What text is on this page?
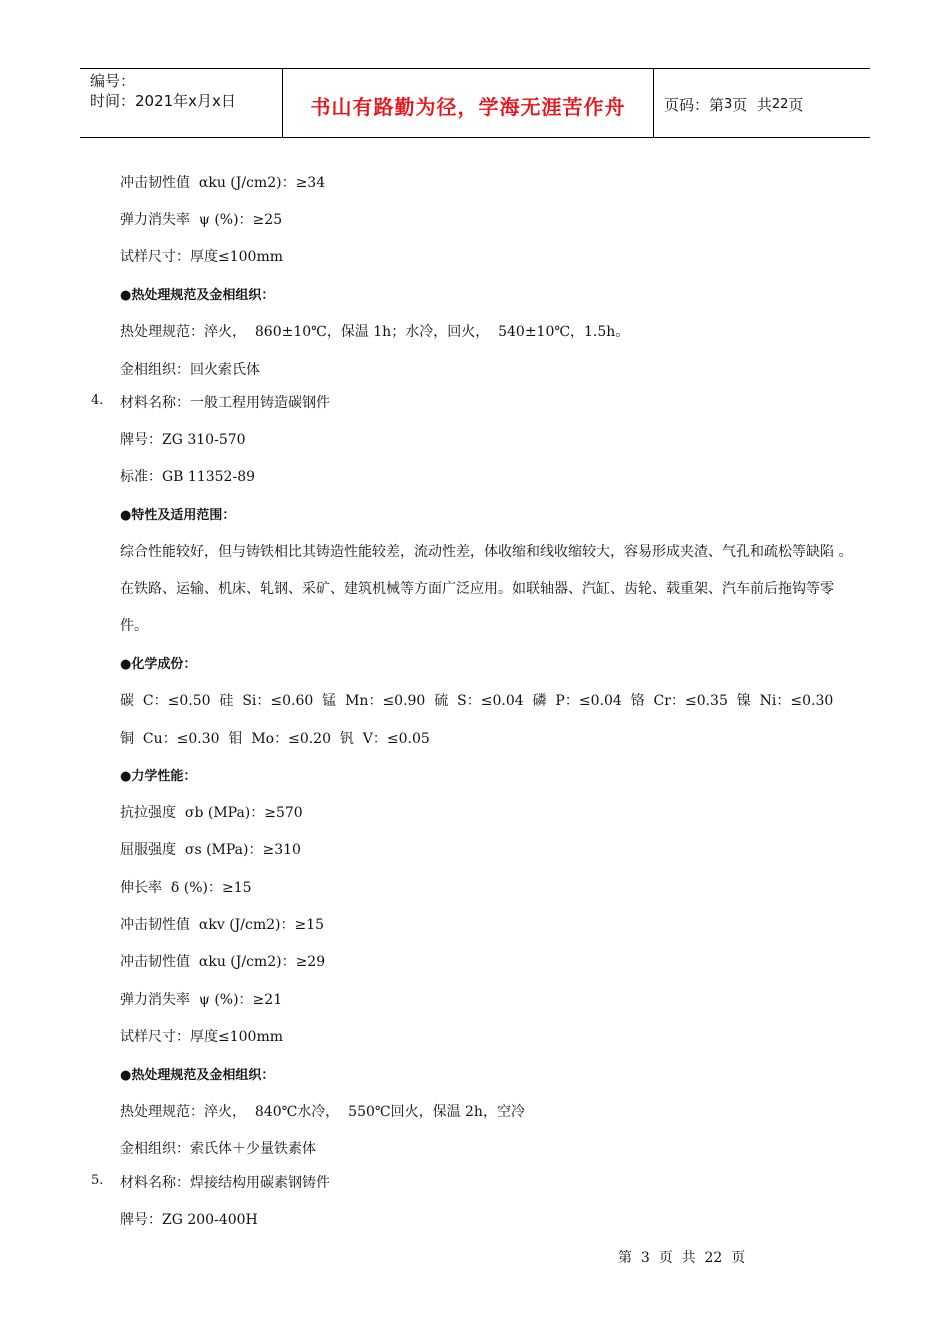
编号：
时间：2021年x月x日	书山有路勤为径，学海无涯苦作舟	页码：第 3 页  共 22 页
冲击韧性值  αku (J/cm2)：≥34
弹力消失率  ψ (%)：≥25
试样尺寸：厚度≤100mm
●热处理规范及金相组织：
热处理规范：淬火，  860±10℃，保温 1h；水冷，回火，  540±10℃，1.5h。
金相组织：回火索氏体
4. 材料名称：一般工程用铸造碳钢件
牌号：ZG 310-570
标准：GB 11352-89
●特性及适用范围：
综合性能较好，但与铸铁相比其铸造性能较差，流动性差，体收缩和线收缩较大，容易形成夹渣、气孔和疏松等缺陷 。
在铁路、运输、机床、轧钢、采矿、建筑机械等方面广泛应用。如联轴器、汽缸、齿轮、载重架、汽车前后拖钩等零
件。
●化学成份：
碳  C：≤0.50  硅  Si：≤0.60  锰  Mn：≤0.90  硫  S：≤0.04  磷  P：≤0.04  铬  Cr：≤0.35  镍  Ni：≤0.30
铜  Cu：≤0.30  钼  Mo：≤0.20  钒  V：≤0.05
●力学性能：
抗拉强度  σb (MPa)：≥570
屈服强度  σs (MPa)：≥310
伸长率  δ (%)：≥15
冲击韧性值  αkv (J/cm2)：≥15
冲击韧性值  αku (J/cm2)：≥29
弹力消失率  ψ (%)：≥21
试样尺寸：厚度≤100mm
●热处理规范及金相组织：
热处理规范：淬火，  840℃水冷，  550℃回火，保温 2h，空冷
金相组织：索氏体＋少量铁素体
5. 材料名称：焊接结构用碳素钢铸件
牌号：ZG 200-400H
第  3  页  共  22  页
